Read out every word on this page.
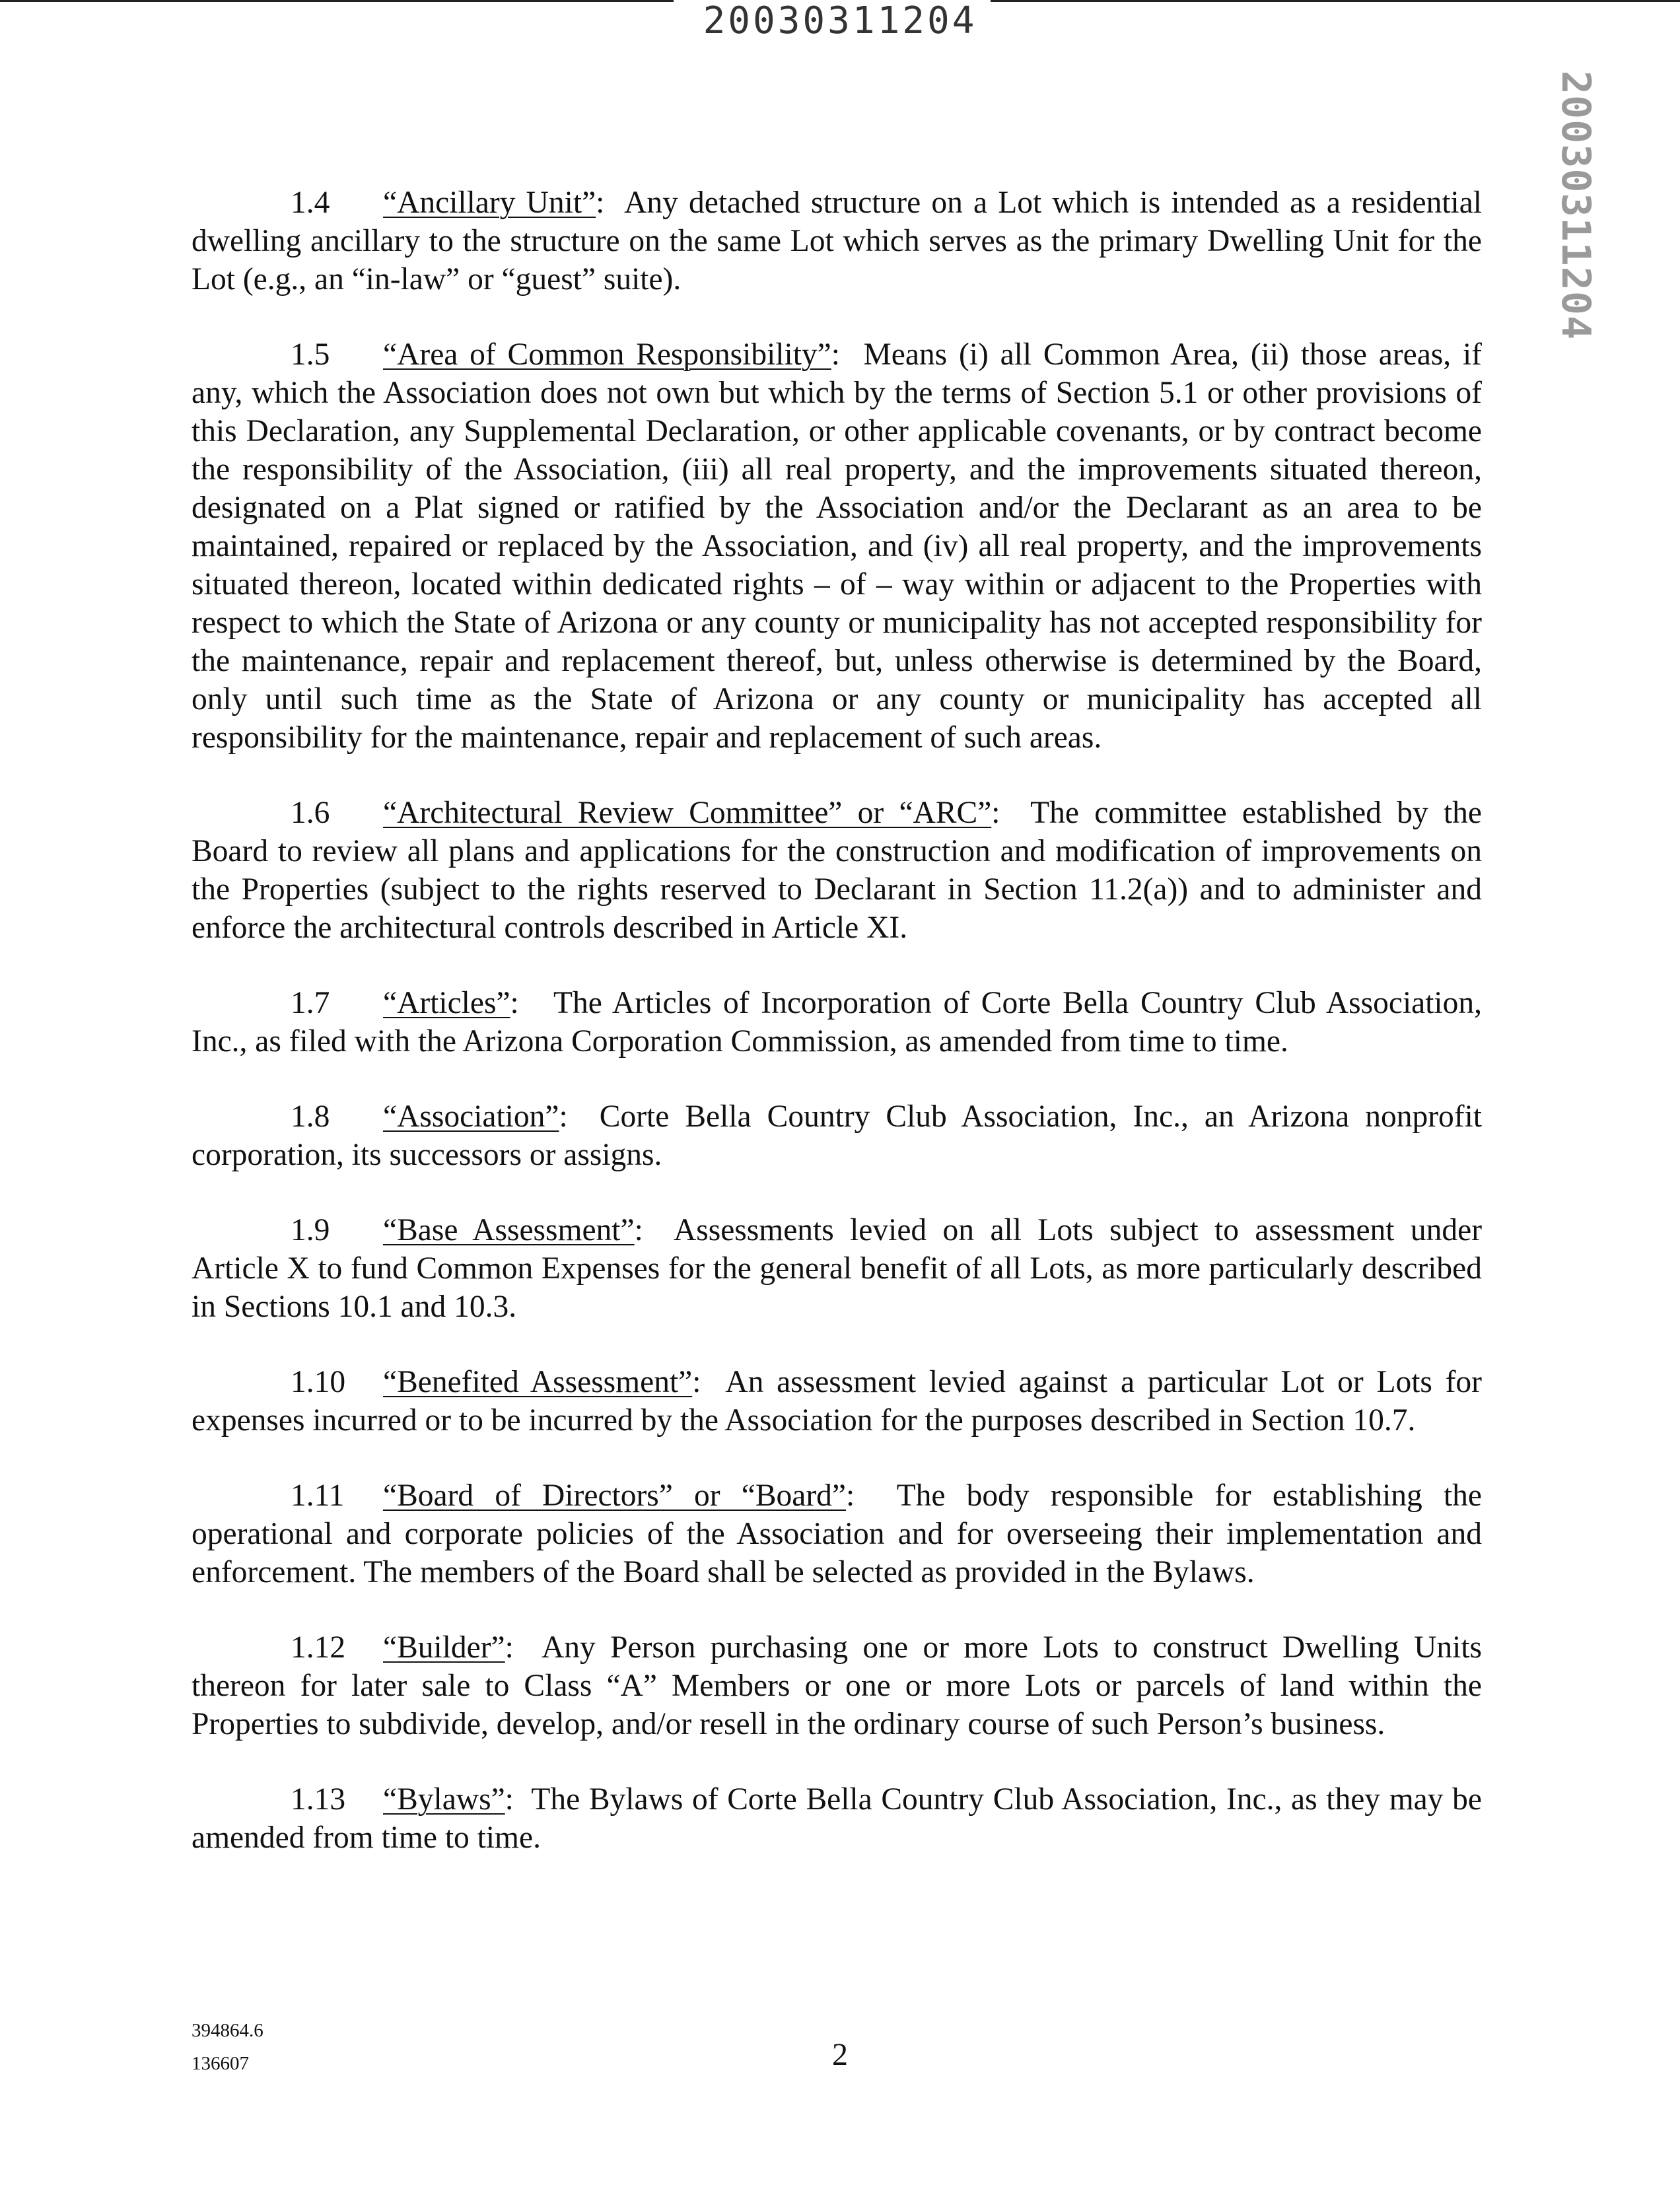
20030311204
20030311204

1.4 “Ancillary Unit”:  Any detached structure on a Lot which is intended as a residential dwelling ancillary to the structure on the same Lot which serves as the primary Dwelling Unit for the Lot (e.g., an “in-law” or “guest” suite).

1.5 “Area of Common Responsibility”:  Means (i) all Common Area, (ii) those areas, if any, which the Association does not own but which by the terms of Section 5.1 or other provisions of this Declaration, any Supplemental Declaration, or other applicable covenants, or by contract become the responsibility of the Association, (iii) all real property, and the improvements situated thereon, designated on a Plat signed or ratified by the Association and/or the Declarant as an area to be maintained, repaired or replaced by the Association, and (iv) all real property, and the improvements situated thereon, located within dedicated rights – of – way within or adjacent to the Properties with respect to which the State of Arizona or any county or municipality has not accepted responsibility for the maintenance, repair and replacement thereof, but, unless otherwise is determined by the Board, only until such time as the State of Arizona or any county or municipality has accepted all responsibility for the maintenance, repair and replacement of such areas.

1.6 “Architectural Review Committee” or “ARC”:  The committee established by the Board to review all plans and applications for the construction and modification of improvements on the Properties (subject to the rights reserved to Declarant in Section 11.2(a)) and to administer and enforce the architectural controls described in Article XI.

1.7 “Articles”:   The Articles of Incorporation of Corte Bella Country Club Association, Inc., as filed with the Arizona Corporation Commission, as amended from time to time.

1.8 “Association”:  Corte Bella Country Club Association, Inc., an Arizona nonprofit corporation, its successors or assigns.

1.9 “Base Assessment”:  Assessments levied on all Lots subject to assessment under Article X to fund Common Expenses for the general benefit of all Lots, as more particularly described in Sections 10.1 and 10.3.

1.10 “Benefited Assessment”:  An assessment levied against a particular Lot or Lots for expenses incurred or to be incurred by the Association for the purposes described in Section 10.7.

1.11 “Board of Directors” or “Board”:  The body responsible for establishing the operational and corporate policies of the Association and for overseeing their implementation and enforcement. The members of the Board shall be selected as provided in the Bylaws.

1.12 “Builder”:  Any Person purchasing one or more Lots to construct Dwelling Units thereon for later sale to Class “A” Members or one or more Lots or parcels of land within the Properties to subdivide, develop, and/or resell in the ordinary course of such Person’s business.

1.13 “Bylaws”:  The Bylaws of Corte Bella Country Club Association, Inc., as they may be amended from time to time.

394864.6
136607	2
